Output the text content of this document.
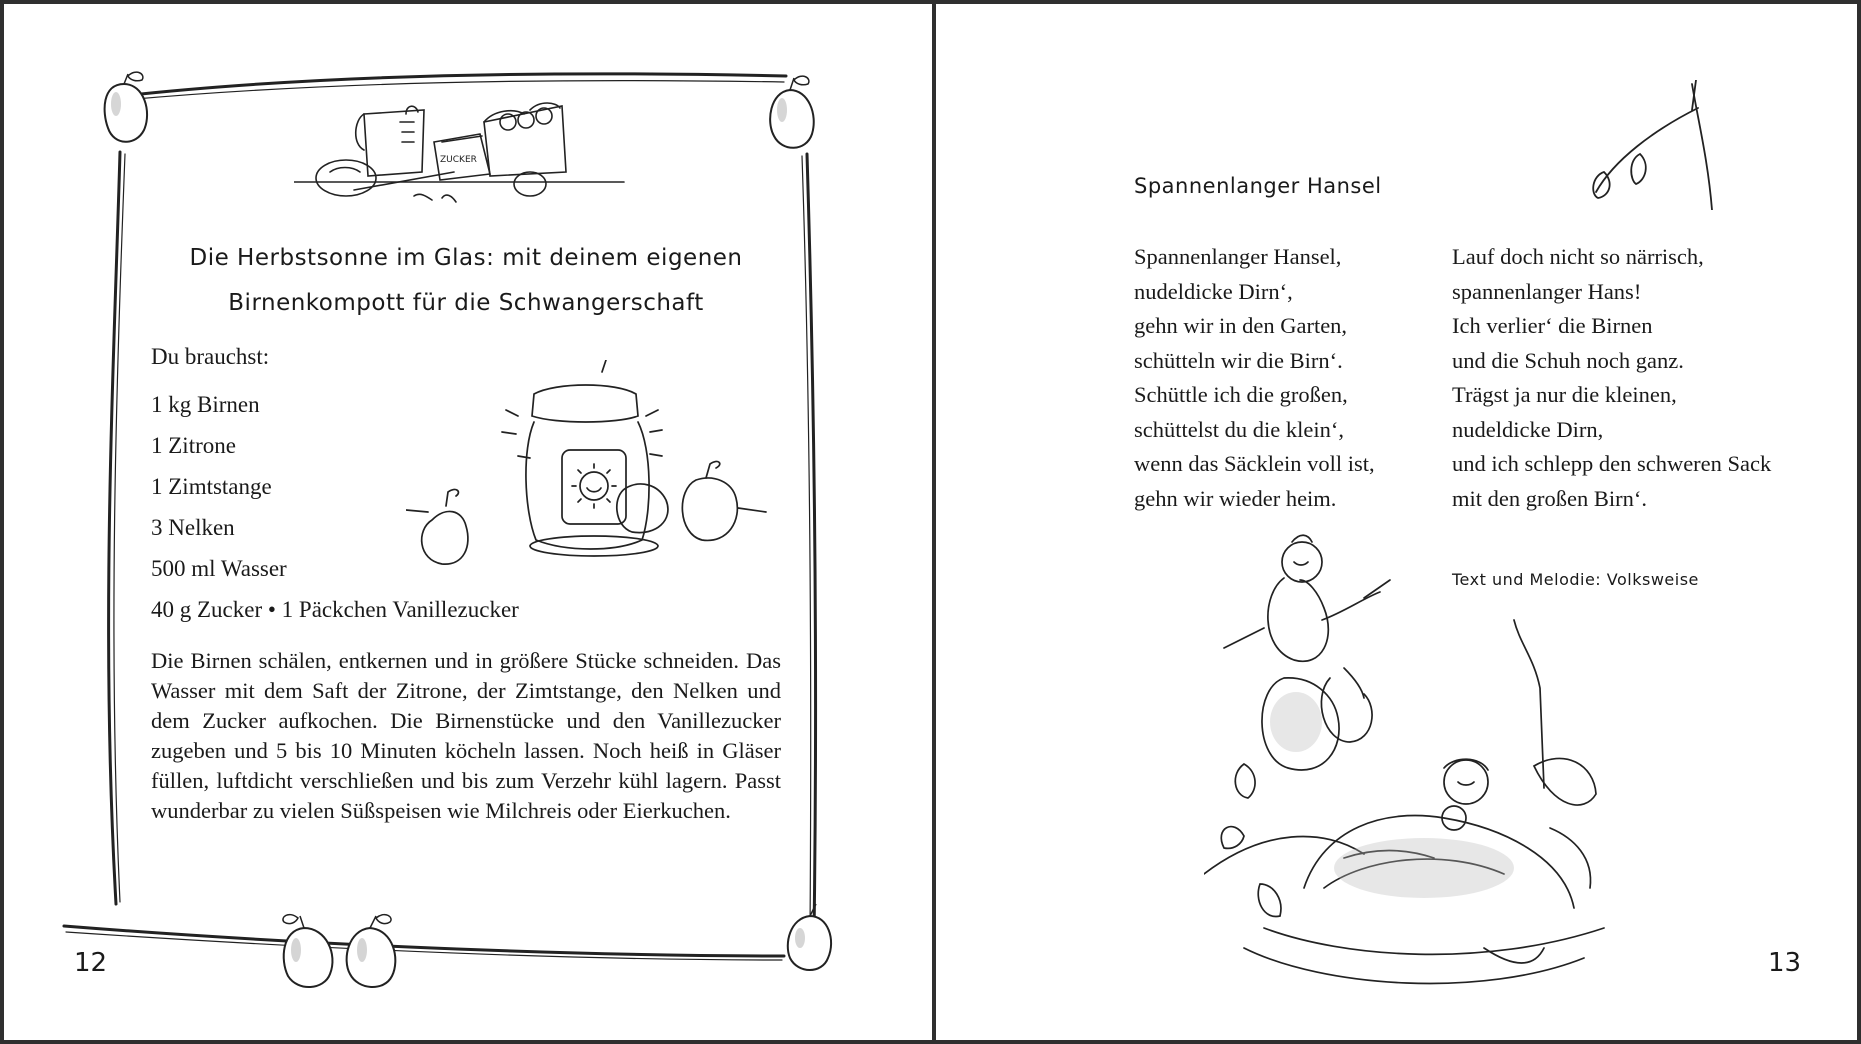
ZUCKER
Die Herbstsonne im Glas: mit deinem eigenen
Birnenkompott für die Schwangerschaft
Du brauchst:
1 kg Birnen
1 Zitrone
1 Zimtstange
3 Nelken
500 ml Wasser
40 g Zucker • 1 Päckchen Vanillezucker

Die Birnen schälen, entkernen und in größere Stücke schneiden. Das Wasser mit dem Saft der Zitrone, der Zimtstange, den Nelken und dem Zucker aufkochen. Die Birnenstücke und den Vanillezucker zugeben und 5 bis 10 Minuten köcheln lassen. Noch heiß in Gläser füllen, luftdicht verschließen und bis zum Verzehr kühl lagern. Passt wunderbar zu vielen Süßspeisen wie Milchreis oder Eierkuchen.

12
Spannenlanger Hansel
Spannenlanger Hansel,
nudeldicke Dirn‘,
gehn wir in den Garten,
schütteln wir die Birn‘.
Schüttle ich die großen,
schüttelst du die klein‘,
wenn das Säcklein voll ist,
gehn wir wieder heim.
Lauf doch nicht so närrisch,
spannenlanger Hans!
Ich verlier‘ die Birnen
und die Schuh noch ganz.
Trägst ja nur die kleinen,
nudeldicke Dirn,
und ich schlepp den schweren Sack
mit den großen Birn‘.
Text und Melodie: Volksweise
13
